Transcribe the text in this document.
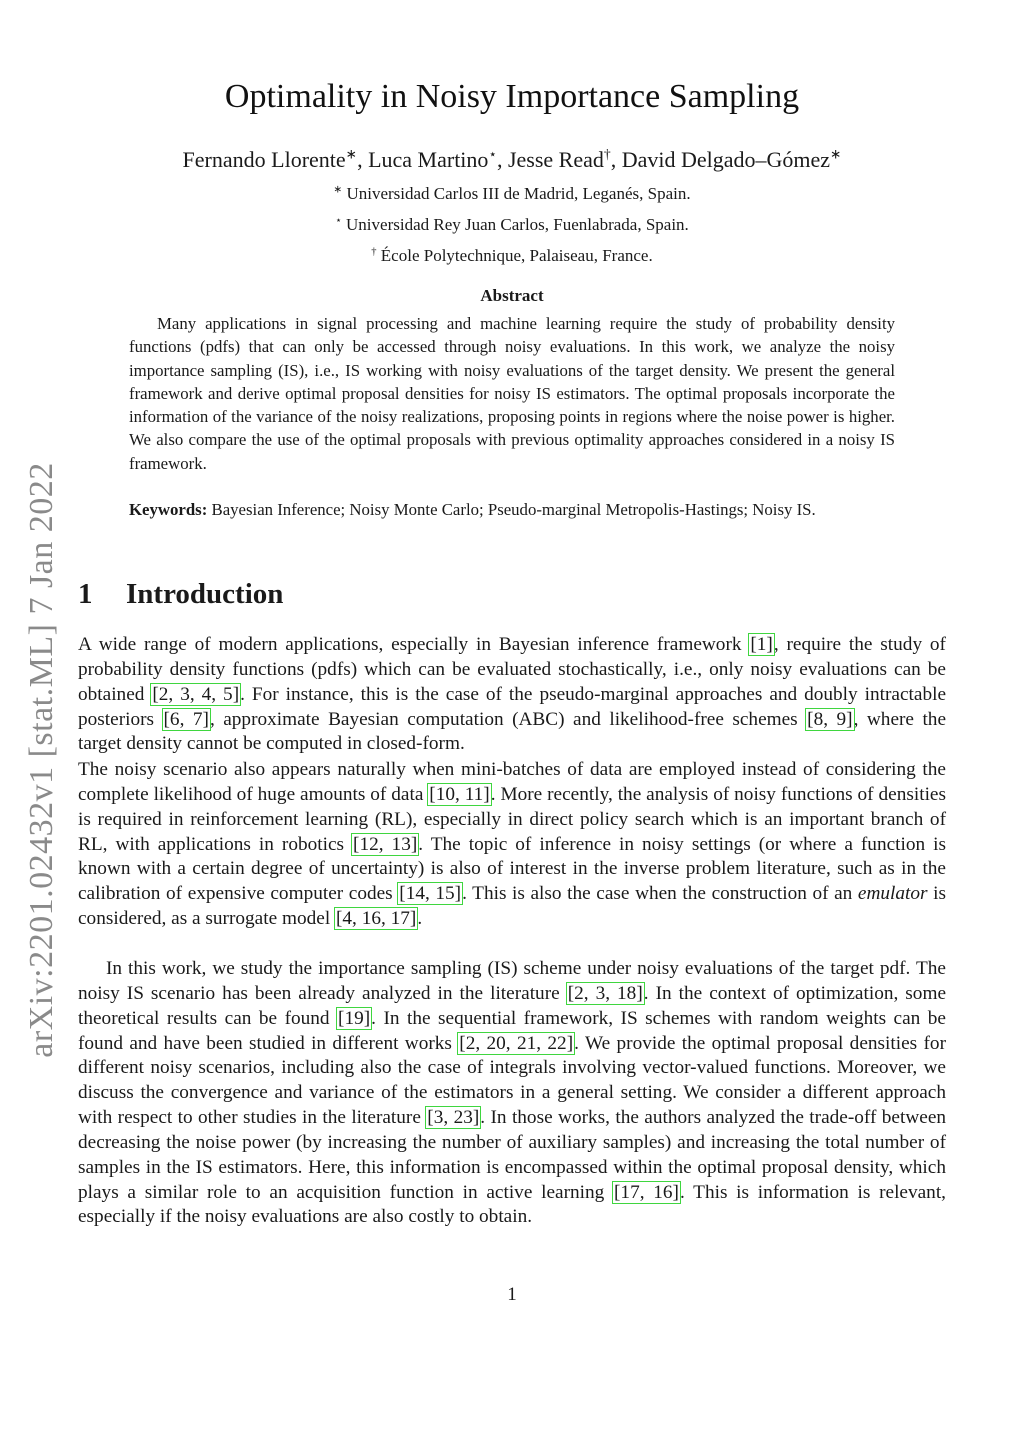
arXiv:2201.02432v1 [stat.ML] 7 Jan 2022
Optimality in Noisy Importance Sampling
Fernando Llorente∗, Luca Martino⋆, Jesse Read†, David Delgado–Gómez∗
∗ Universidad Carlos III de Madrid, Leganés, Spain.
⋆ Universidad Rey Juan Carlos, Fuenlabrada, Spain.
† École Polytechnique, Palaiseau, France.
Abstract

Many applications in signal processing and machine learning require the study of probability density functions (pdfs) that can only be accessed through noisy evaluations. In this work, we analyze the noisy importance sampling (IS), i.e., IS working with noisy evaluations of the target density. We present the general framework and derive optimal proposal densities for noisy IS estimators. The optimal proposals incorporate the information of the variance of the noisy realizations, proposing points in regions where the noise power is higher. We also compare the use of the optimal proposals with previous optimality approaches considered in a noisy IS framework.

Keywords: Bayesian Inference; Noisy Monte Carlo; Pseudo-marginal Metropolis-Hastings; Noisy IS.

1 Introduction

A wide range of modern applications, especially in Bayesian inference framework [1], require the study of probability density functions (pdfs) which can be evaluated stochastically, i.e., only noisy evaluations can be obtained [2, 3, 4, 5]. For instance, this is the case of the pseudo-marginal approaches and doubly intractable posteriors [6, 7], approximate Bayesian computation (ABC) and likelihood-free schemes [8, 9], where the target density cannot be computed in closed-form.

The noisy scenario also appears naturally when mini-batches of data are employed instead of considering the complete likelihood of huge amounts of data [10, 11]. More recently, the analysis of noisy functions of densities is required in reinforcement learning (RL), especially in direct policy search which is an important branch of RL, with applications in robotics [12, 13]. The topic of inference in noisy settings (or where a function is known with a certain degree of uncertainty) is also of interest in the inverse problem literature, such as in the calibration of expensive computer codes [14, 15]. This is also the case when the construction of an emulator is considered, as a surrogate model [4, 16, 17].

In this work, we study the importance sampling (IS) scheme under noisy evaluations of the target pdf. The noisy IS scenario has been already analyzed in the literature [2, 3, 18]. In the context of optimization, some theoretical results can be found [19]. In the sequential framework, IS schemes with random weights can be found and have been studied in different works [2, 20, 21, 22]. We provide the optimal proposal densities for different noisy scenarios, including also the case of integrals involving vector-valued functions. Moreover, we discuss the convergence and variance of the estimators in a general setting. We consider a different approach with respect to other studies in the literature [3, 23]. In those works, the authors analyzed the trade-off between decreasing the noise power (by increasing the number of auxiliary samples) and increasing the total number of samples in the IS estimators. Here, this information is encompassed within the optimal proposal density, which plays a similar role to an acquisition function in active learning [17, 16]. This is information is relevant, especially if the noisy evaluations are also costly to obtain.

1
